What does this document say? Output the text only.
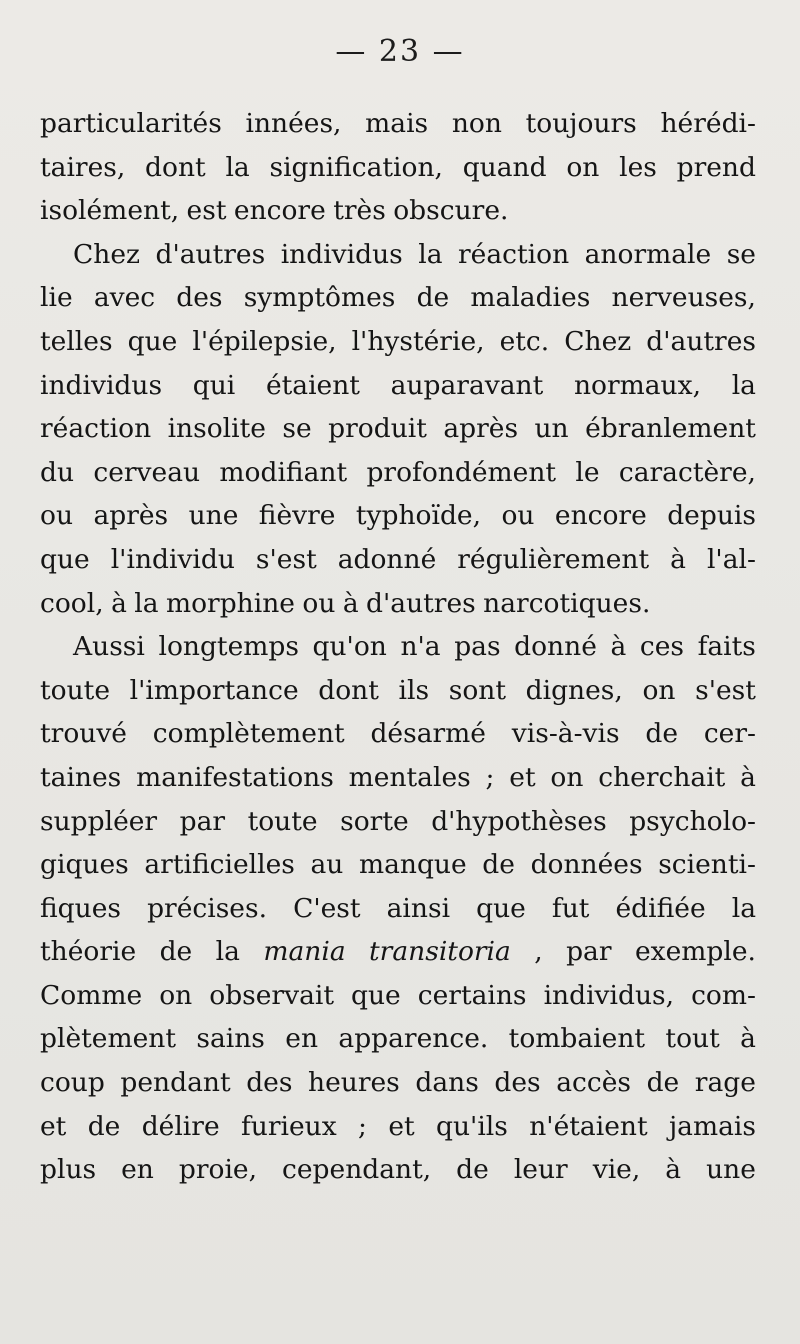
— 23 —
particularités innées, mais non toujours hérédi-
taires, dont la signification, quand on les prend
isolément, est encore très obscure.
Chez d'autres individus la réaction anormale se
lie avec des symptômes de maladies nerveuses,
telles que l'épilepsie, l'hystérie, etc. Chez d'autres
individus qui étaient auparavant normaux, la
réaction insolite se produit après un ébranlement
du cerveau modifiant profondément le caractère,
ou après une fièvre typhoïde, ou encore depuis
que l'individu s'est adonné régulièrement à l'al-
cool, à la morphine ou à d'autres narcotiques.
Aussi longtemps qu'on n'a pas donné à ces faits
toute l'importance dont ils sont dignes, on s'est
trouvé complètement désarmé vis-à-vis de cer-
taines manifestations mentales ; et on cherchait à
suppléer par toute sorte d'hypothèses psycholo-
giques artificielles au manque de données scienti-
fiques précises. C'est ainsi que fut édifiée la
théorie de la mania transitoria , par exemple.
Comme on observait que certains individus, com-
plètement sains en apparence. tombaient tout à
coup pendant des heures dans des accès de rage
et de délire furieux ; et qu'ils n'étaient jamais
plus en proie, cependant, de leur vie, à une
